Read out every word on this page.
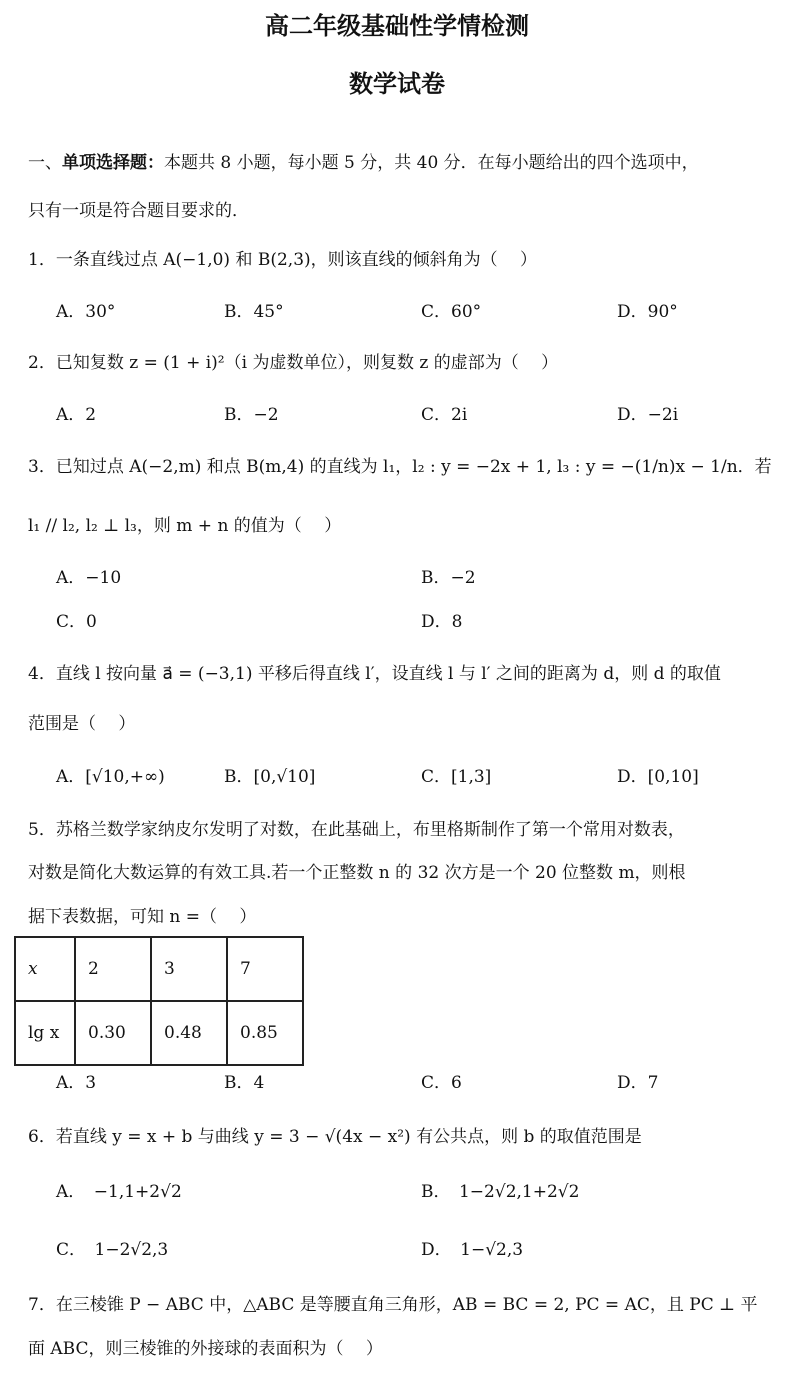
高二年级基础性学情检测
数学试卷
一、单项选择题：本题共 8 小题，每小题 5 分，共 40 分．在每小题给出的四个选项中，
只有一项是符合题目要求的．
1．一条直线过点 A(−1,0) 和 B(2,3)，则该直线的倾斜角为（　 ）
A．30°	B．45°	C．60°	D．90°
2．已知复数 z = (1 + i)²（i 为虚数单位），则复数 z 的虚部为（　 ）
A．2	B．−2	C．2i	D．−2i
3．已知过点 A(−2,m) 和点 B(m,4) 的直线为 l₁，l₂ : y = −2x + 1, l₃ : y = −(1/n)x − 1/n．若
l₁ // l₂, l₂ ⊥ l₃，则 m + n 的值为（　 ）
A．−10	B．−2
C．0	D．8
4．直线 l 按向量 a⃗ = (−3,1) 平移后得直线 l′，设直线 l 与 l′ 之间的距离为 d，则 d 的取值
范围是（　 ）
A．[√10,+∞)	B．[0,√10]	C．[1,3]	D．[0,10]
5．苏格兰数学家纳皮尔发明了对数，在此基础上，布里格斯制作了第一个常用对数表，
对数是简化大数运算的有效工具.若一个正整数 n 的 32 次方是一个 20 位整数 m，则根
据下表数据，可知 n =（　 ）
x	2	3	7
lg x	0.30	0.48	0.85
A．3	B．4	C．6	D．7
6．若直线 y = x + b 与曲线 y = 3 − √(4x − x²) 有公共点，则 b 的取值范围是
A．　−1,1+2√2	B．　1−2√2,1+2√2
C．　1−2√2,3	D．　1−√2,3
7．在三棱锥 P − ABC 中，△ABC 是等腰直角三角形，AB = BC = 2, PC = AC，且 PC ⊥ 平
面 ABC，则三棱锥的外接球的表面积为（　 ）
